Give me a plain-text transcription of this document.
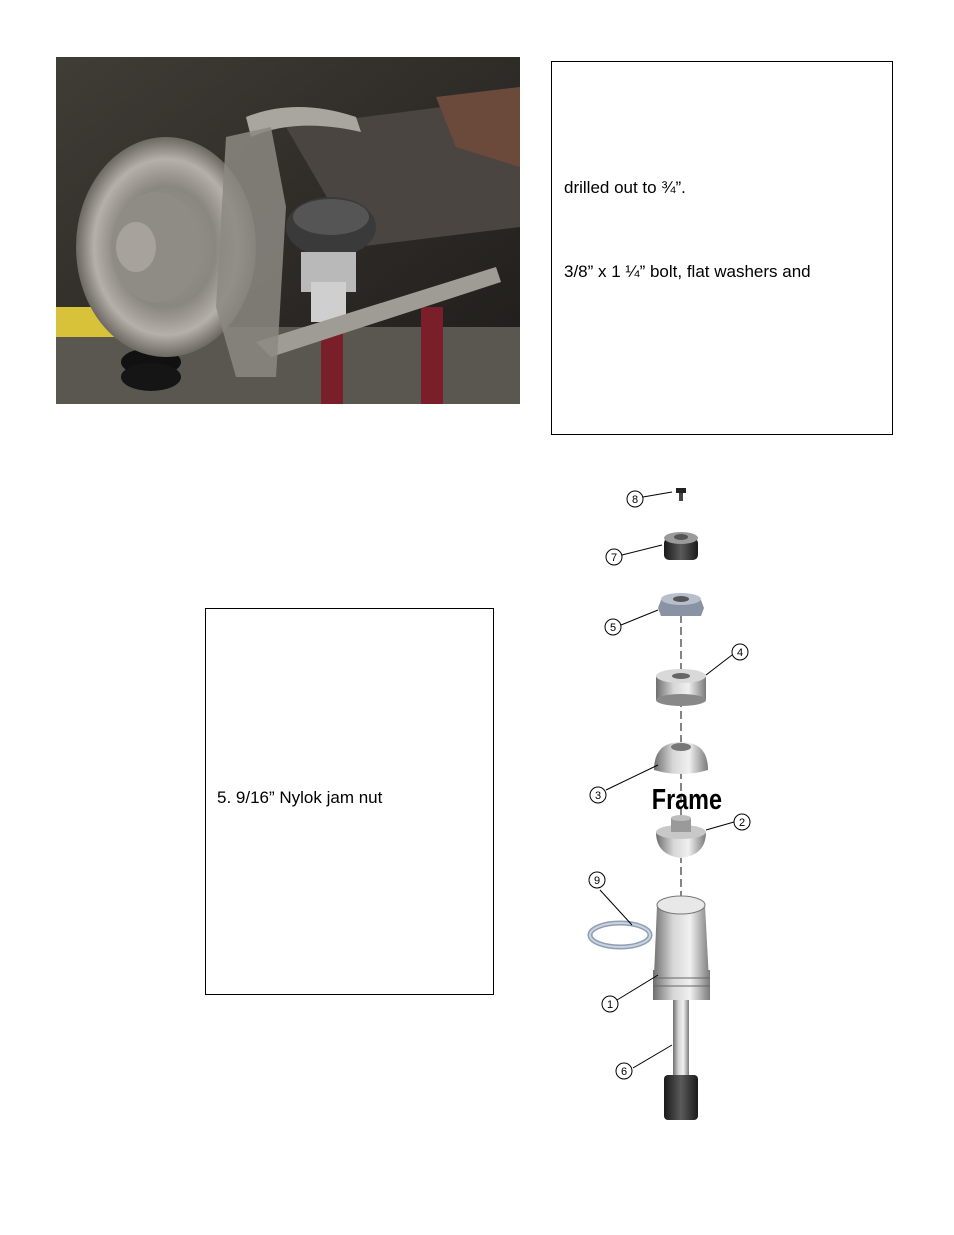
drilled out to ¾”.
3/8” x 1 ¼” bolt, flat washers and
5. 9/16” Nylok jam nut	Frame
8
7
5
4
3
2
9
1
6
